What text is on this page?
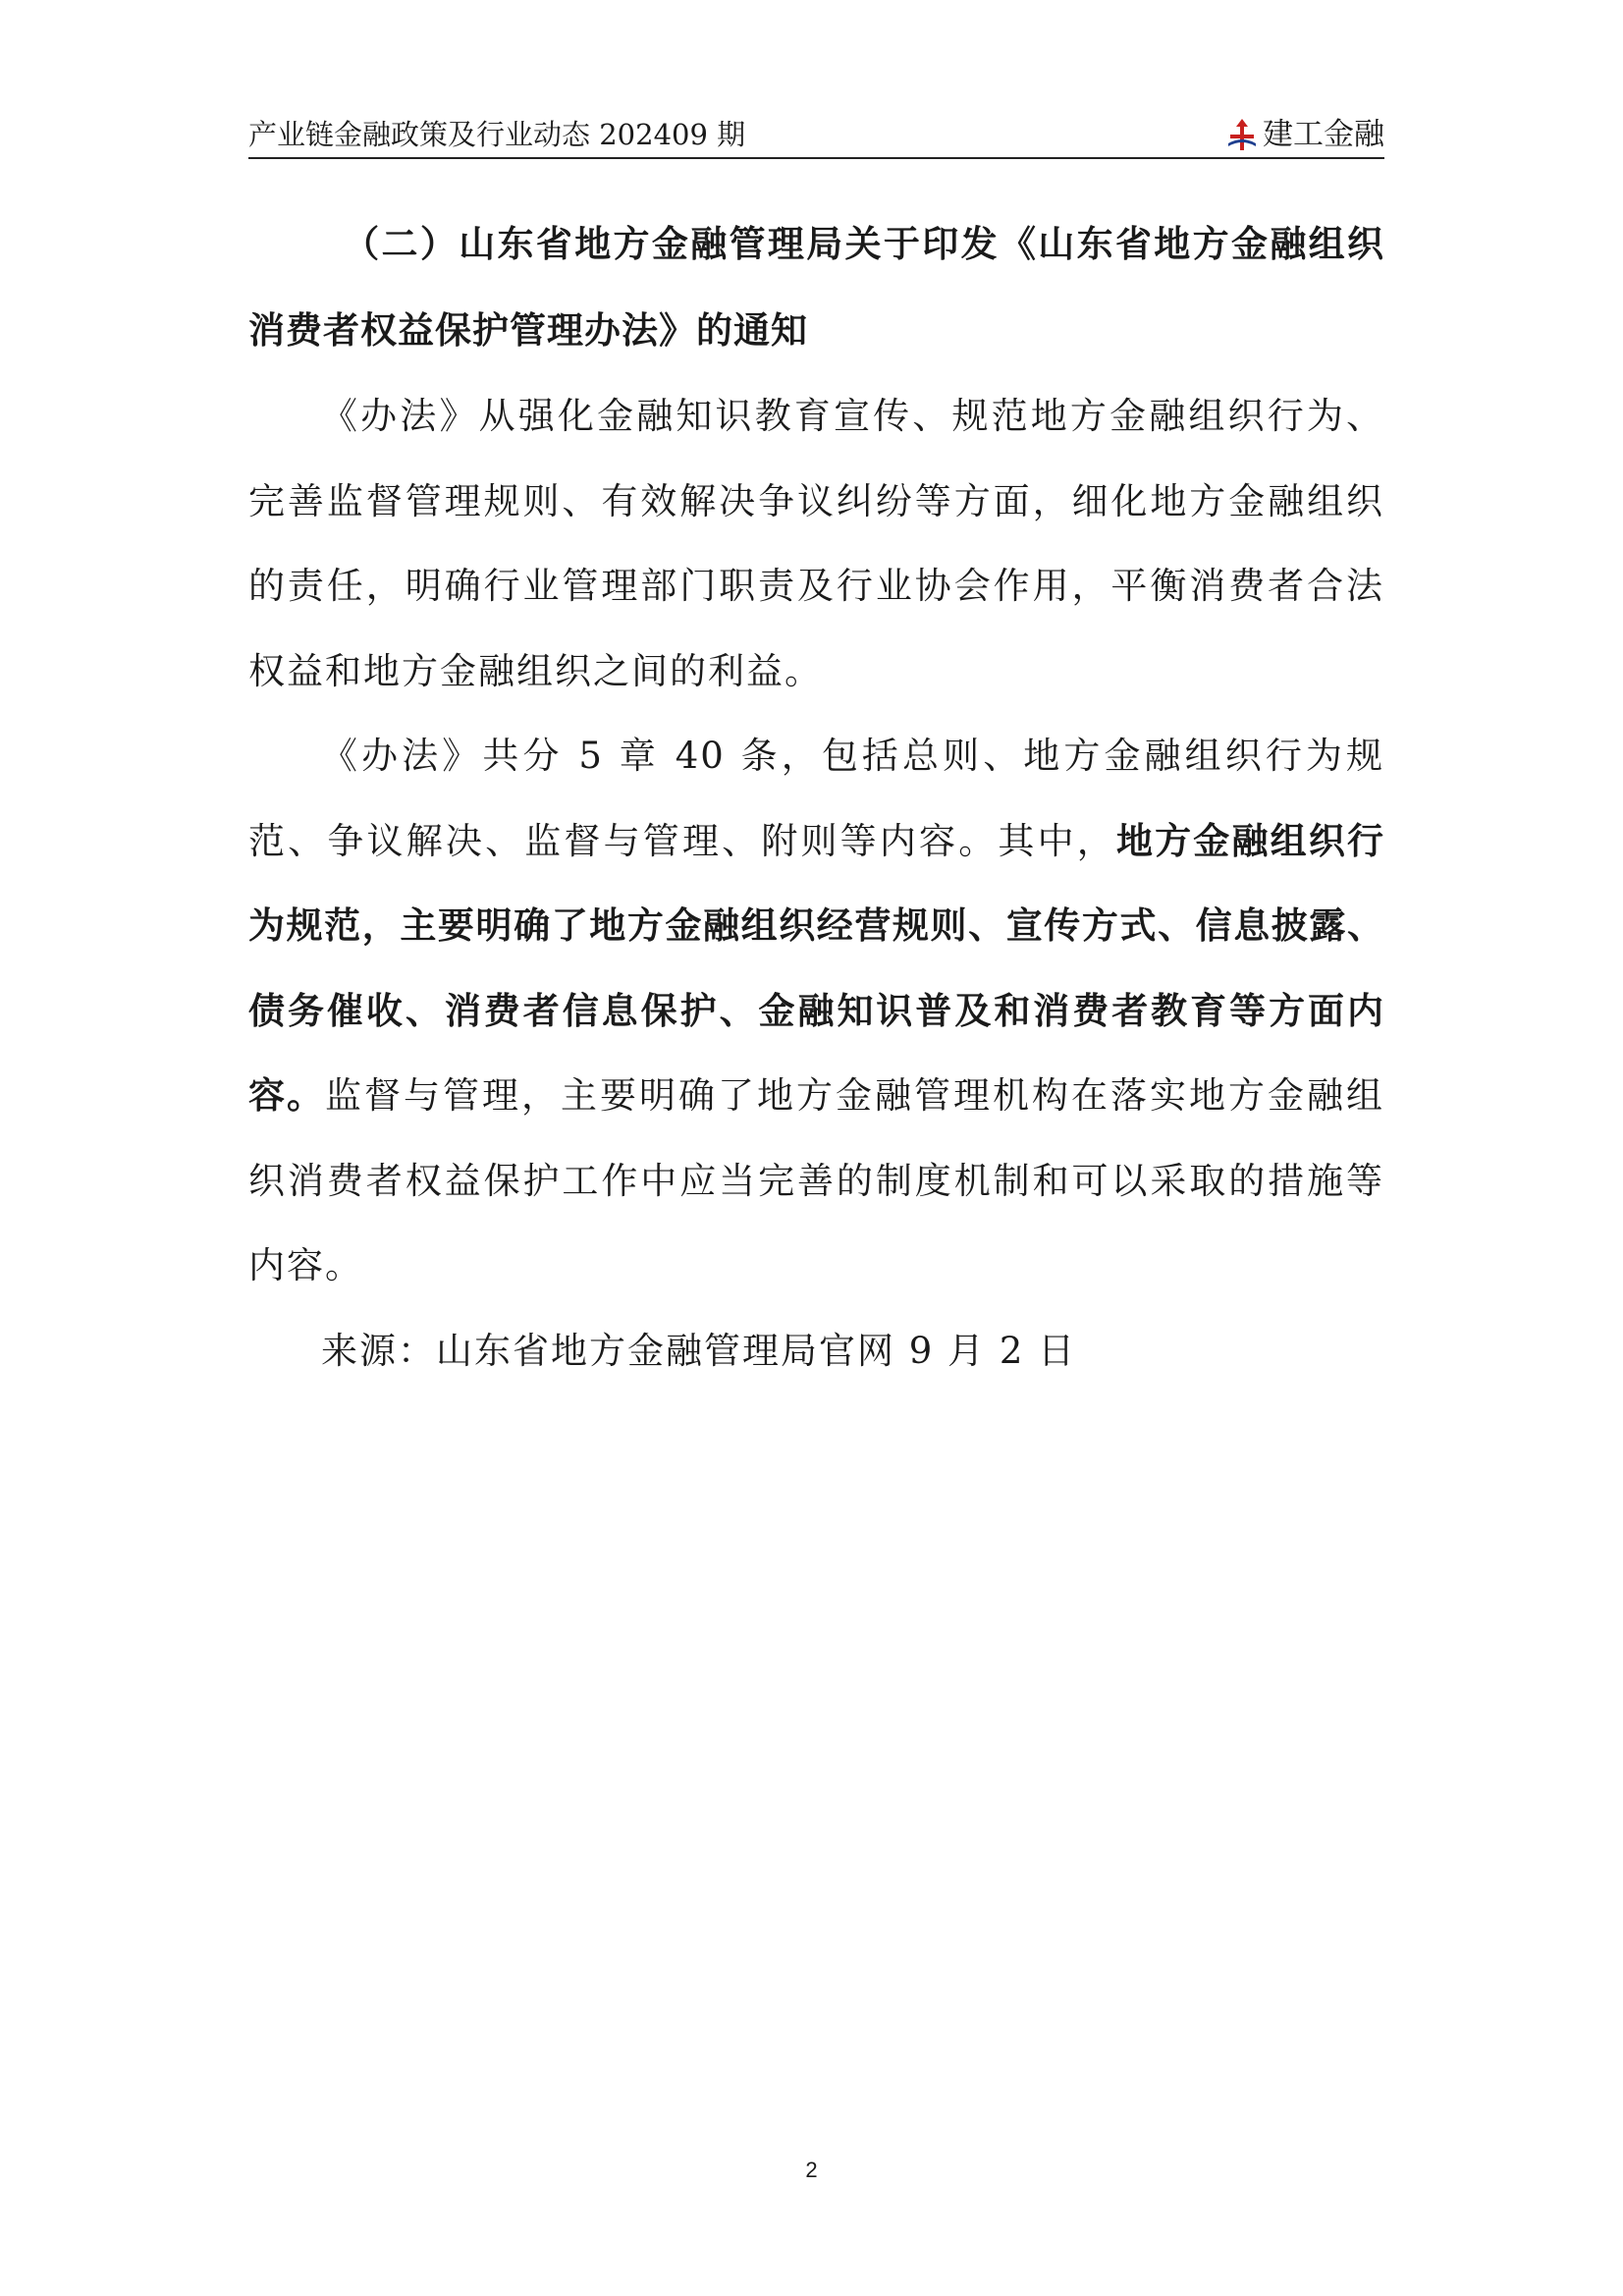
产业链金融政策及行业动态 202409 期	建工金融
（二）山东省地方金融管理局关于印发《山东省地方金融组织消费者权益保护管理办法》的通知

《办法》从强化金融知识教育宣传、规范地方金融组织行为、完善监督管理规则、有效解决争议纠纷等方面，细化地方金融组织的责任，明确行业管理部门职责及行业协会作用，平衡消费者合法权益和地方金融组织之间的利益。

《办法》共分 5 章 40 条，包括总则、地方金融组织行为规范、争议解决、监督与管理、附则等内容。其中，地方金融组织行为规范，主要明确了地方金融组织经营规则、宣传方式、信息披露、债务催收、消费者信息保护、金融知识普及和消费者教育等方面内容。监督与管理，主要明确了地方金融管理机构在落实地方金融组织消费者权益保护工作中应当完善的制度机制和可以采取的措施等内容。

来源：山东省地方金融管理局官网 9 月 2 日

2
